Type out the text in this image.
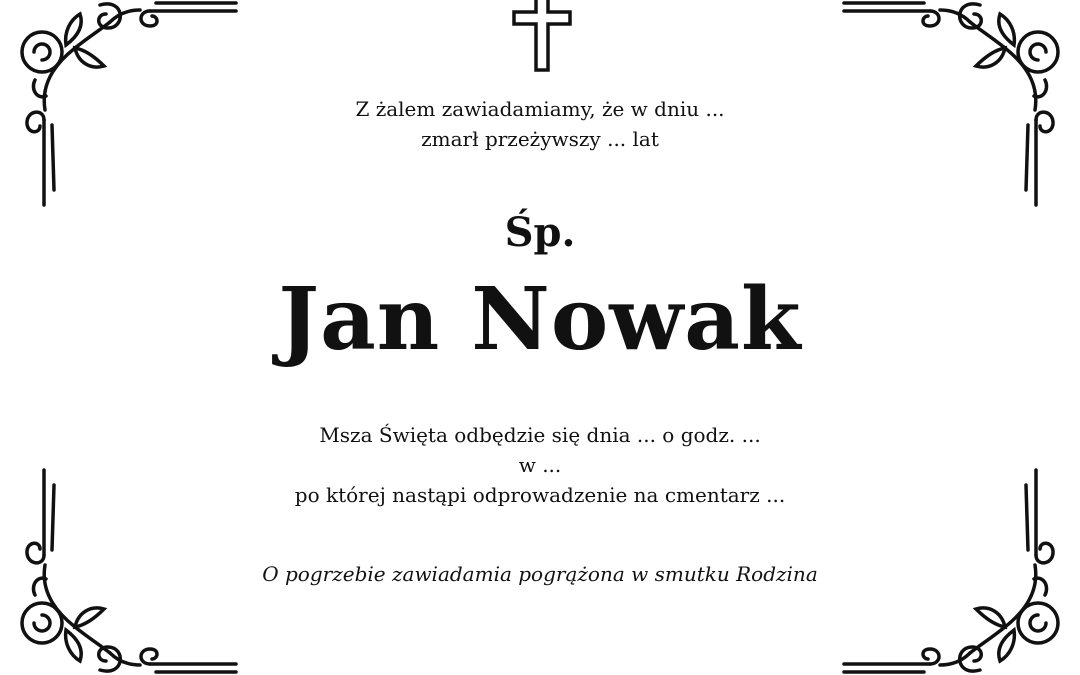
Z żalem zawiadamiamy, że w dniu ...
zmarł przeżywszy ... lat
Śp.
Jan Nowak
Msza Święta odbędzie się dnia ... o godz. ...
w ...
po której nastąpi odprowadzenie na cmentarz ...
O pogrzebie zawiadamia pogrążona w smutku Rodzina
